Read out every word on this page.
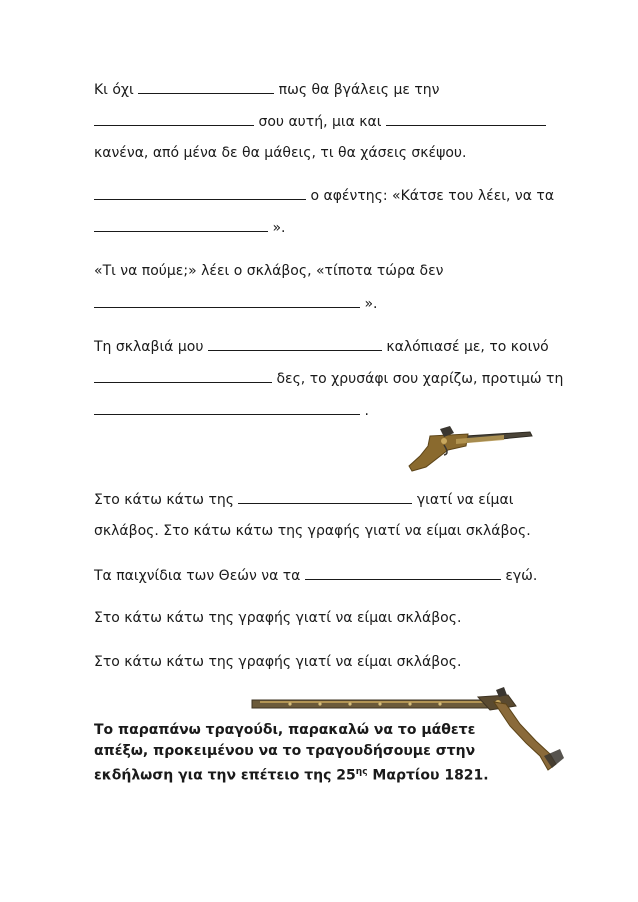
Κι όχι	πως θα βγάλεις με την
σου αυτή, μια και
κανένα, από μένα δε θα μάθεις, τι θα χάσεις σκέψου.
ο αφέντης: «Κάτσε του λέει, να τα
».
«Τι να πούμε;» λέει ο σκλάβος, «τίποτα τώρα δεν
».
Τη σκλαβιά μου	καλόπιασέ με, το κοινό
δες, το χρυσάφι σου χαρίζω, προτιμώ τη
.
Στο κάτω κάτω της	γιατί να είμαι
σκλάβος. Στο κάτω κάτω της γραφής γιατί να είμαι σκλάβος.
Τα παιχνίδια των Θεών να τα	εγώ.
Στο κάτω κάτω της γραφής γιατί να είμαι σκλάβος.
Στο κάτω κάτω της γραφής γιατί να είμαι σκλάβος.
Το παραπάνω τραγούδι, παρακαλώ να το μάθετε
απέξω, προκειμένου να το τραγουδήσουμε στην
εκδήλωση για την επέτειο της $25^{\eta\varsigma}$ Μαρτίου 1821.
